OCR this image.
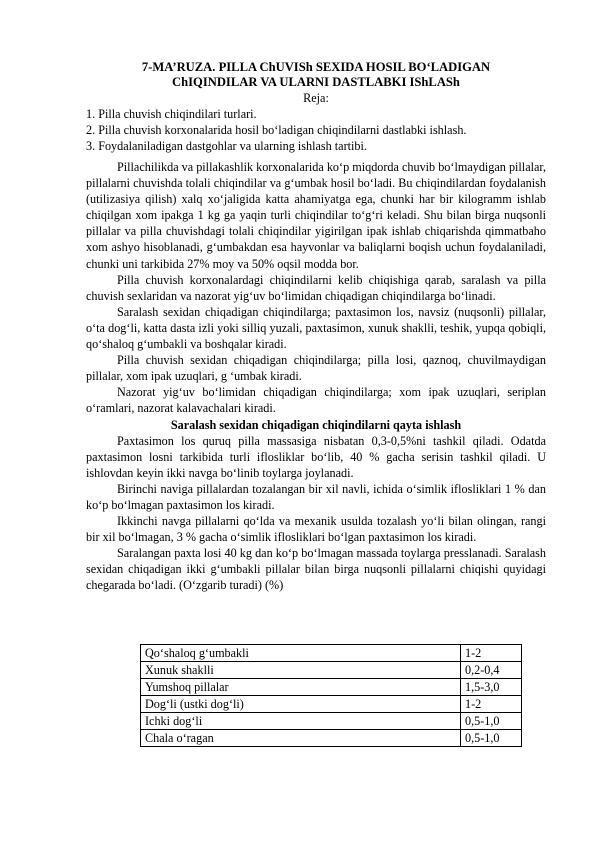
7-MA’RUZA. PILLA ChUVISh SEXIDA HOSIL BO‘LADIGAN
ChIQINDILAR VA ULARNI DASTLABKI IShLASh
Reja:
1. Pilla chuvish chiqindilari turlari.
2. Pilla chuvish korxonalarida hosil bo‘ladigan chiqindilarni dastlabki ishlash.
3. Foydalaniladigan dastgohlar va ularning ishlash tartibi.

Pillachilikda va pillakashlik korxonalarida ko‘p miqdorda chuvib bo‘lmaydigan pillalar, pillalarni chuvishda tolali chiqindilar va g‘umbak hosil bo‘ladi. Bu chiqindilardan foydalanish (utilizasiya qilish) xalq xo‘jaligida katta ahamiyatga ega, chunki har bir kilogramm ishlab chiqilgan xom ipakga 1 kg ga yaqin turli chiqindilar to‘g‘ri keladi. Shu bilan birga nuqsonli pillalar va pilla chuvishdagi tolali chiqindilar yigirilgan ipak ishlab chiqarishda qimmatbaho xom ashyo hisoblanadi, g‘umbakdan esa hayvonlar va baliqlarni boqish uchun foydalaniladi, chunki uni tarkibida 27% moy va 50% oqsil modda bor.

Pilla chuvish korxonalardagi chiqindilarni kelib chiqishiga qarab, saralash va pilla chuvish sexlaridan va nazorat yig‘uv bo‘limidan chiqadigan chiqindilarga bo‘linadi.

Saralash sexidan chiqadigan chiqindilarga; paxtasimon los, navsiz (nuqsonli) pillalar, o‘ta dog‘li, katta dasta izli yoki silliq yuzali, paxtasimon, xunuk shaklli, teshik, yupqa qobiqli, qo‘shaloq g‘umbakli va boshqalar kiradi.

Pilla chuvish sexidan chiqadigan chiqindilarga; pilla losi, qaznoq, chuvilmaydigan pillalar, xom ipak uzuqlari, g ‘umbak kiradi.

Nazorat yig‘uv bo‘limidan chiqadigan chiqindilarga; xom ipak uzuqlari, seriplan o‘ramlari, nazorat kalavachalari kiradi.

Saralash sexidan chiqadigan chiqindilarni qayta ishlash

Paxtasimon los quruq pilla massasiga nisbatan 0,3-0,5%ni tashkil qiladi. Odatda paxtasimon losni tarkibida turli iflosliklar bo‘lib, 40 % gacha serisin tashkil qiladi. U ishlovdan keyin ikki navga bo‘linib toylarga joylanadi.

Birinchi naviga pillalardan tozalangan bir xil navli, ichida o‘simlik iflosliklari 1 % dan ko‘p bo‘lmagan paxtasimon los kiradi.

Ikkinchi navga pillalarni qo‘lda va mexanik usulda tozalash yo‘li bilan olingan, rangi bir xil bo‘lmagan, 3 % gacha o‘simlik iflosliklari bo‘lgan paxtasimon los kiradi.

Saralangan paxta losi 40 kg dan ko‘p bo‘lmagan massada toylarga presslanadi. Saralash sexidan chiqadigan ikki g‘umbakli pillalar bilan birga nuqsonli pillalarni chiqishi quyidagi chegarada bo‘ladi. (O‘zgarib turadi) (%)

Qo‘shaloq g‘umbakli	1-2
Xunuk shaklli	0,2-0,4
Yumshoq pillalar	1,5-3,0
Dog‘li (ustki dog‘li)	1-2
Ichki dog‘li	0,5-1,0
Chala o‘ragan	0,5-1,0
